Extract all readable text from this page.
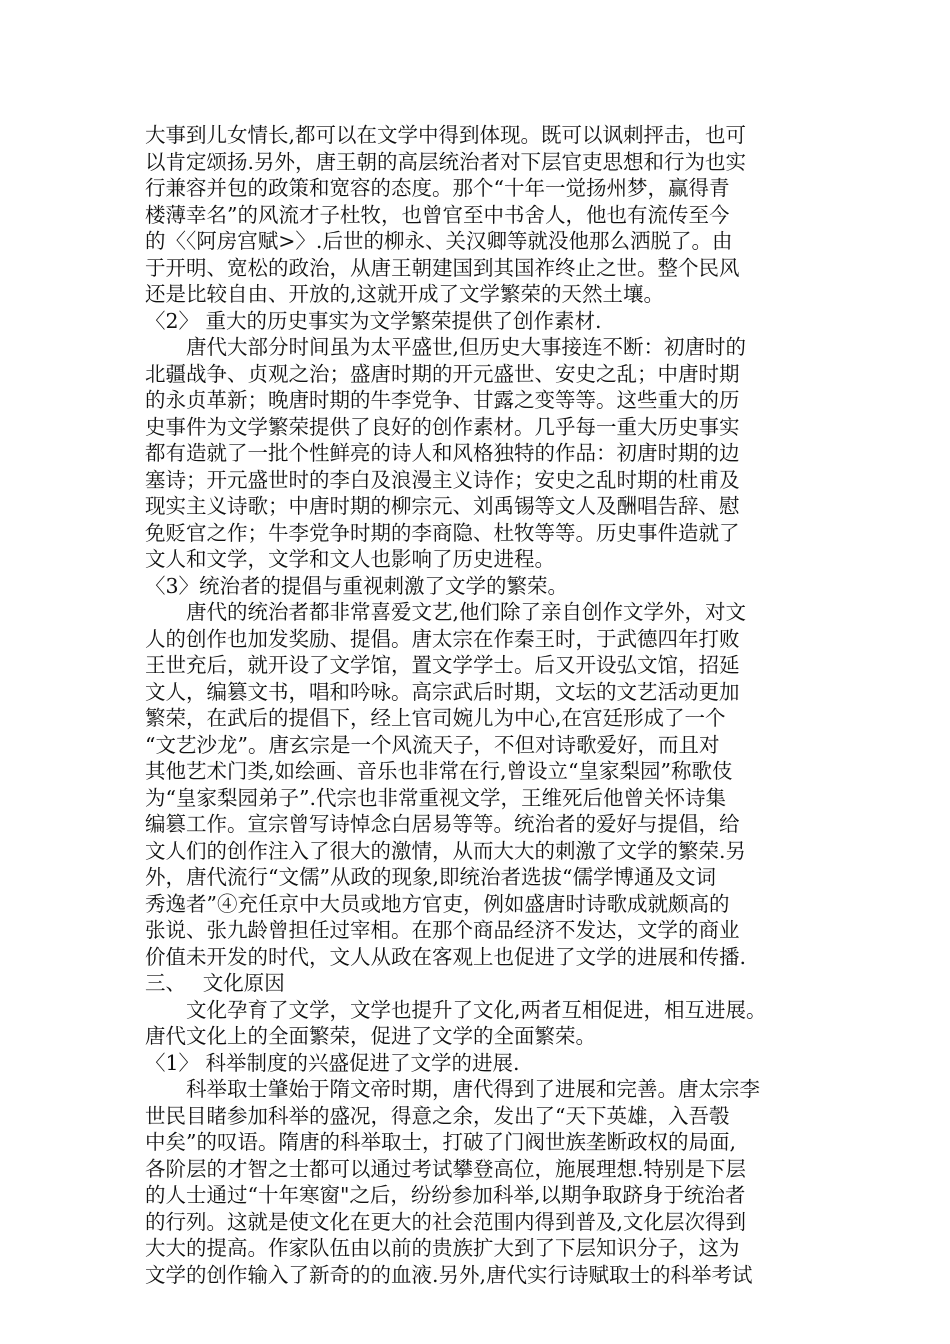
大事到儿女情长,都可以在文学中得到体现。既可以讽刺抨击，也可
以肯定颂扬.另外，唐王朝的高层统治者对下层官吏思想和行为也实
行兼容并包的政策和宽容的态度。那个“十年一觉扬州梦，赢得青
楼薄幸名”的风流才子杜牧，也曾官至中书舍人，他也有流传至今
的〈〈阿房宫赋>〉.后世的柳永、关汉卿等就没他那么洒脱了。由
于开明、宽松的政治，从唐王朝建国到其国祚终止之世。整个民风
还是比较自由、开放的,这就开成了文学繁荣的天然土壤。
〈2〉 重大的历史事实为文学繁荣提供了创作素材.
　　唐代大部分时间虽为太平盛世,但历史大事接连不断：初唐时的
北疆战争、贞观之治；盛唐时期的开元盛世、安史之乱；中唐时期
的永贞革新；晚唐时期的牛李党争、甘露之变等等。这些重大的历
史事件为文学繁荣提供了良好的创作素材。几乎每一重大历史事实
都有造就了一批个性鲜亮的诗人和风格独特的作品：初唐时期的边
塞诗；开元盛世时的李白及浪漫主义诗作；安史之乱时期的杜甫及
现实主义诗歌；中唐时期的柳宗元、刘禹锡等文人及酬唱告辞、慰
免贬官之作；牛李党争时期的李商隐、杜牧等等。历史事件造就了
文人和文学，文学和文人也影响了历史进程。
〈3〉统治者的提倡与重视刺激了文学的繁荣。
　　唐代的统治者都非常喜爱文艺,他们除了亲自创作文学外，对文
人的创作也加发奖励、提倡。唐太宗在作秦王时，于武德四年打败
王世充后，就开设了文学馆，置文学学士。后又开设弘文馆，招延
文人，编篡文书，唱和吟咏。高宗武后时期，文坛的文艺活动更加
繁荣，在武后的提倡下，经上官司婉儿为中心,在宫廷形成了一个
“文艺沙龙”。唐玄宗是一个风流天子，不但对诗歌爱好，而且对
其他艺术门类,如绘画、音乐也非常在行,曾设立“皇家梨园”称歌伎
为“皇家梨园弟子”.代宗也非常重视文学，王维死后他曾关怀诗集
编篡工作。宣宗曾写诗悼念白居易等等。统治者的爱好与提倡，给
文人们的创作注入了很大的激情，从而大大的刺激了文学的繁荣.另
外，唐代流行“文儒”从政的现象,即统治者选拔“儒学博通及文词
秀逸者”④充任京中大员或地方官吏，例如盛唐时诗歌成就颇高的
张说、张九龄曾担任过宰相。在那个商品经济不发达，文学的商业
价值未开发的时代，文人从政在客观上也促进了文学的进展和传播.
三、　 文化原因
　　文化孕育了文学，文学也提升了文化,两者互相促进，相互进展。
唐代文化上的全面繁荣，促进了文学的全面繁荣。
〈1〉 科举制度的兴盛促进了文学的进展.
　　科举取士肇始于隋文帝时期，唐代得到了进展和完善。唐太宗李
世民目睹参加科举的盛况，得意之余，发出了“天下英雄，入吾彀
中矣”的叹语。隋唐的科举取士，打破了门阀世族垄断政权的局面,
各阶层的才智之士都可以通过考试攀登高位，施展理想.特别是下层
的人士通过“十年寒窗"之后，纷纷参加科举,以期争取跻身于统治者
的行列。这就是使文化在更大的社会范围内得到普及,文化层次得到
大大的提高。作家队伍由以前的贵族扩大到了下层知识分子，这为
文学的创作输入了新奇的的血液.另外,唐代实行诗赋取士的科举考试
